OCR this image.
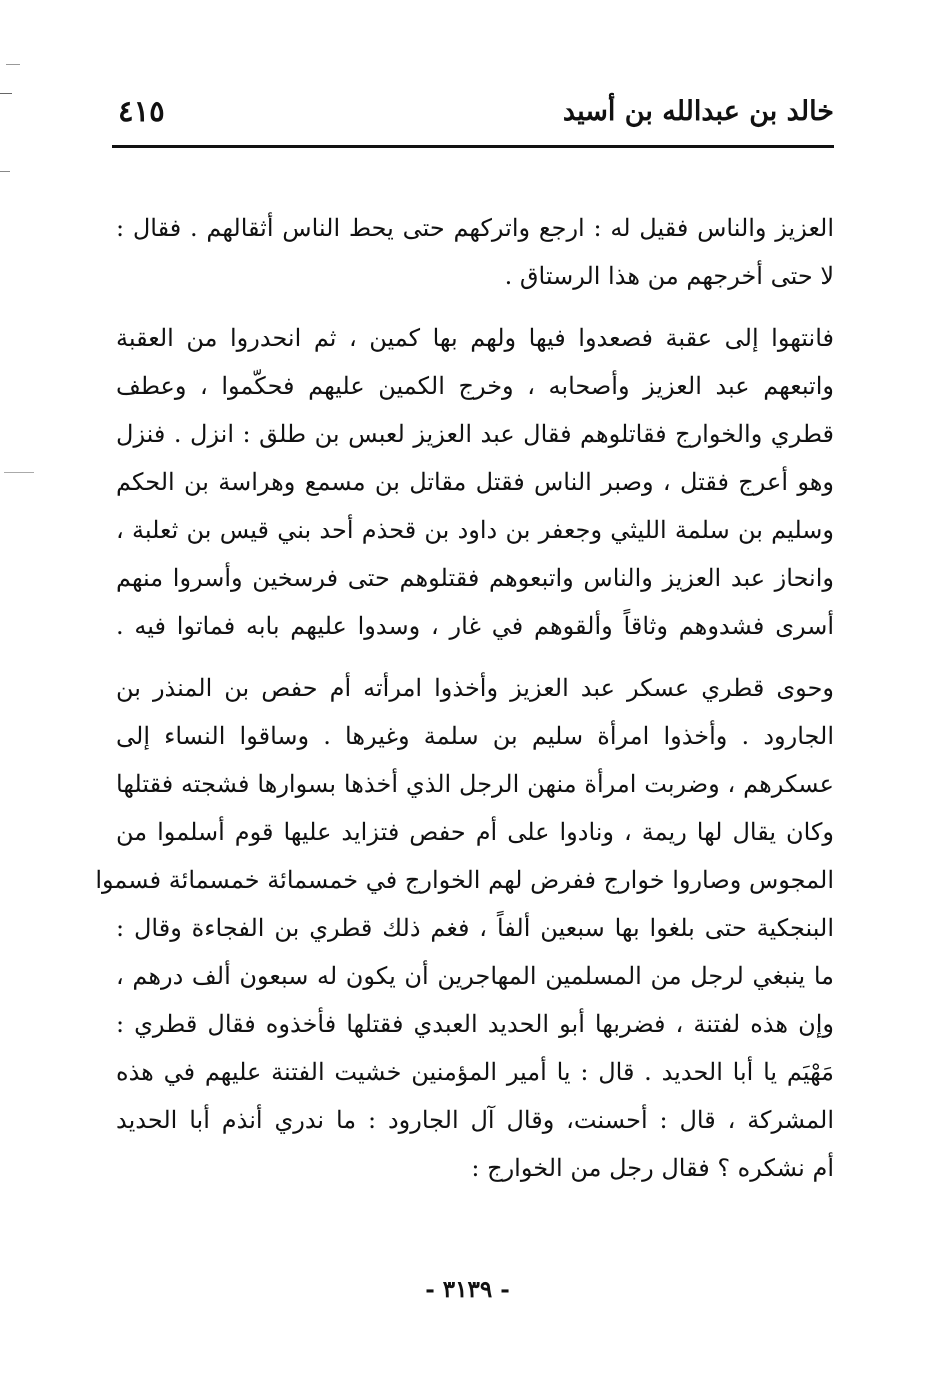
خالد بن عبدالله بن أسيد
٤١٥

العزيز والناس فقيل له : ارجع واتركهم حتى يحط الناس أثقالهم . فقال :
لا حتى أخرجهم من هذا الرستاق .

فانتهوا إلى عقبة فصعدوا فيها ولهم بها كمين ، ثم انحدروا من العقبة
واتبعهم عبد العزيز وأصحابه ، وخرج الكمين عليهم فحكّموا ، وعطف
قطري والخوارج فقاتلوهم فقال عبد العزيز لعبس بن طلق : انزل . فنزل
وهو أعرج فقتل ، وصبر الناس فقتل مقاتل بن مسمع وهراسة بن الحكم
وسليم بن سلمة الليثي وجعفر بن داود بن قحذم أحد بني قيس بن ثعلبة ،
وانحاز عبد العزيز والناس واتبعوهم فقتلوهم حتى فرسخين وأسروا منهم
أسرى فشدوهم وثاقاً وألقوهم في غار ، وسدوا عليهم بابه فماتوا فيه .

وحوى قطري عسكر عبد العزيز وأخذوا امرأته أم حفص بن المنذر بن
الجارود . وأخذوا امرأة سليم بن سلمة وغيرها . وساقوا النساء إلى
عسكرهم ، وضربت امرأة منهن الرجل الذي أخذها بسوارها فشجته فقتلها
وكان يقال لها ريمة ، ونادوا على أم حفص فتزايد عليها قوم أسلموا من
المجوس وصاروا خوارج ففرض لهم الخوارج في خمسمائة خمسمائة فسموا
البنجكية حتى بلغوا بها سبعين ألفاً ، فغم ذلك قطري بن الفجاءة وقال :
ما ينبغي لرجل من المسلمين المهاجرين أن يكون له سبعون ألف درهم ،
وإن هذه لفتنة ، فضربها أبو الحديد العبدي فقتلها فأخذوه فقال قطري :
مَهْيَم يا أبا الحديد . قال : يا أمير المؤمنين خشيت الفتنة عليهم في هذه
المشركة ، قال : أحسنت، وقال آل الجارود : ما ندري أنذم أبا الحديد
أم نشكره ؟ فقال رجل من الخوارج :

- ٣١٣٩ -
